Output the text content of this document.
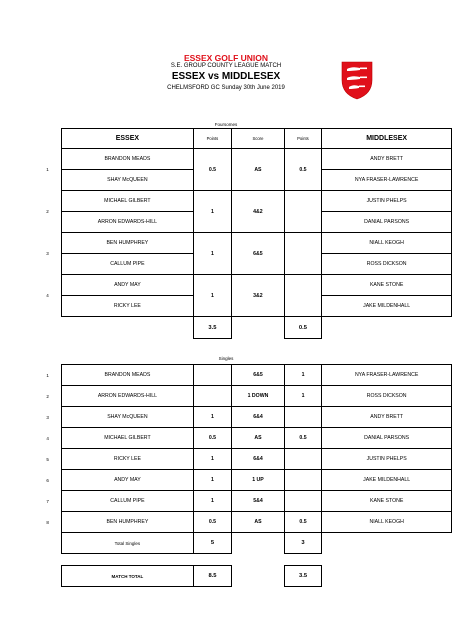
ESSEX GOLF UNION
S.E. GROUP COUNTY LEAGUE MATCH
ESSEX vs MIDDLESEX
CHELMSFORD GC Sunday 30th June 2019
Foursomes
	ESSEX	Points	Score	Points	MIDDLESEX
1	BRANDON MEADS	0.5	AS	0.5	ANDY BRETT
	SHAY McQUEEN				NYA FRASER-LAWRENCE
2	MICHAEL GILBERT	1	4&2		JUSTIN PHELPS
	ARRON EDWARDS-HILL				DANIAL PARSONS
3	BEN HUMPHREY	1	6&5		NIALL KEOGH
	CALLUM PIPE				ROSS DICKSON
4	ANDY MAY	1	3&2		KANE STONE
	RICKY LEE				JAKE MILDENHALL
		3.5		0.5	
Singles
1	BRANDON MEADS		6&5	1	NYA FRASER-LAWRENCE
2	ARRON EDWARDS-HILL		1 DOWN	1	ROSS DICKSON
3	SHAY McQUEEN	1	6&4		ANDY BRETT
4	MICHAEL GILBERT	0.5	AS	0.5	DANIAL PARSONS
5	RICKY LEE	1	6&4		JUSTIN PHELPS
6	ANDY MAY	1	1 UP		JAKE MILDENHALL
7	CALLUM PIPE	1	5&4		KANE STONE
8	BEN HUMPHREY	0.5	AS	0.5	NIALL KEOGH
	Total Singles	5		3	

	MATCH TOTAL	8.5		3.5	
